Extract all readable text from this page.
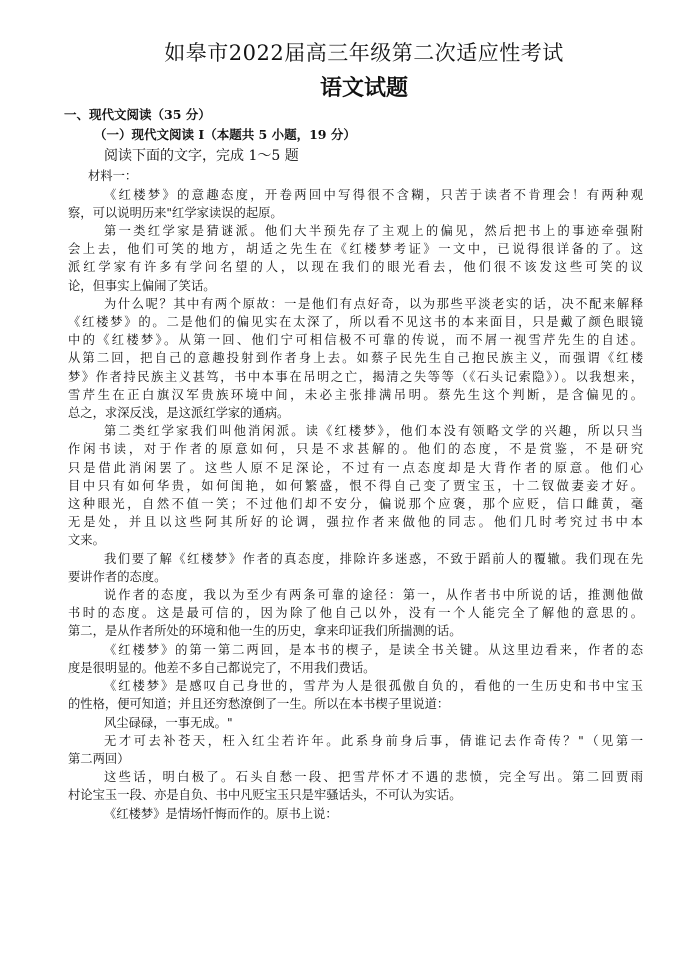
如皋市2022届高三年级第二次适应性考试
语文试题
一、现代文阅读（35 分）
（一）现代文阅读 I（本题共 5 小题，19 分）
阅读下面的文字，完成 1～5 题
材料一：
《红楼梦》的意趣态度，开卷两回中写得很不含糊，只苦于读者不肯理会！有两种观
察，可以说明历来"红学家读误的起原。
第一类红学家是猜谜派。他们大半预先存了主观上的偏见，然后把书上的事迹牵强附
会上去，他们可笑的地方，胡适之先生在《红楼梦考证》一文中，已说得很详备的了。这
派红学家有许多有学问名望的人，以现在我们的眼光看去，他们很不该发这些可笑的议
论，但事实上偏闹了笑话。
为什么呢？其中有两个原故：一是他们有点好奇，以为那些平淡老实的话，决不配来解释
《红楼梦》的。二是他们的偏见实在太深了，所以看不见这书的本来面目，只是戴了颜色眼镜
中的《红楼梦》。从第一回、他们宁可相信极不可靠的传说，而不屑一视雪芹先生的自述。
从第二回，把自己的意趣投射到作者身上去。如蔡子民先生自己抱民族主义，而强谓《红楼
梦》作者持民族主义甚笃，书中本事在吊明之亡，揭清之失等等（《石头记索隐》）。以我想来，
雪芹生在正白旗汉军贵族环境中间，未必主张排满吊明。蔡先生这个判断，是含偏见的。
总之，求深反浅，是这派红学家的通病。
第二类红学家我们叫他消闲派。读《红楼梦》，他们本没有领略文学的兴趣，所以只当
作闲书读，对于作者的原意如何，只是不求甚解的。他们的态度，不是赏鉴，不是研究
只是借此消闲罢了。这些人原不足深论，不过有一点态度却是大背作者的原意。他们心
目中只有如何华贵，如何闺艳，如何繁盛，恨不得自己变了贾宝玉，十二钗做妻妾才好。
这种眼光，自然不值一笑；不过他们却不安分，偏说那个应褒，那个应贬，信口雌黄，毫
无是处，并且以这些阿其所好的论调，强拉作者来做他的同志。他们几时考究过书中本
文来。
我们要了解《红楼梦》作者的真态度，排除许多迷惑，不致于蹈前人的覆辙。我们现在先
要讲作者的态度。
说作者的态度，我以为至少有两条可靠的途径：第一，从作者书中所说的话，推测他做
书时的态度。这是最可信的，因为除了他自己以外，没有一个人能完全了解他的意思的。
第二，是从作者所处的环境和他一生的历史，拿来印证我们所揣测的话。
《红楼梦》的第一第二两回，是本书的楔子，是读全书关键。从这里边看来，作者的态
度是很明显的。他差不多自己都说完了，不用我们费话。
《红楼梦》是感叹自己身世的，雪芹为人是很孤傲自负的，看他的一生历史和书中宝玉
的性格，便可知道；并且还穷愁潦倒了一生。所以在本书楔子里说道：
风尘碌碌，一事无成。"
无才可去补苍天，枉入红尘若许年。此系身前身后事，倩谁记去作奇传？"（见第一
第二两回）
这些话，明白极了。石头自愁一段、把雪芹怀才不遇的悲愤，完全写出。第二回贾雨
村论宝玉一段、亦是自负、书中凡贬宝玉只是牢骚话头，不可认为实话。
《红楼梦》是情场忏悔而作的。原书上说：
